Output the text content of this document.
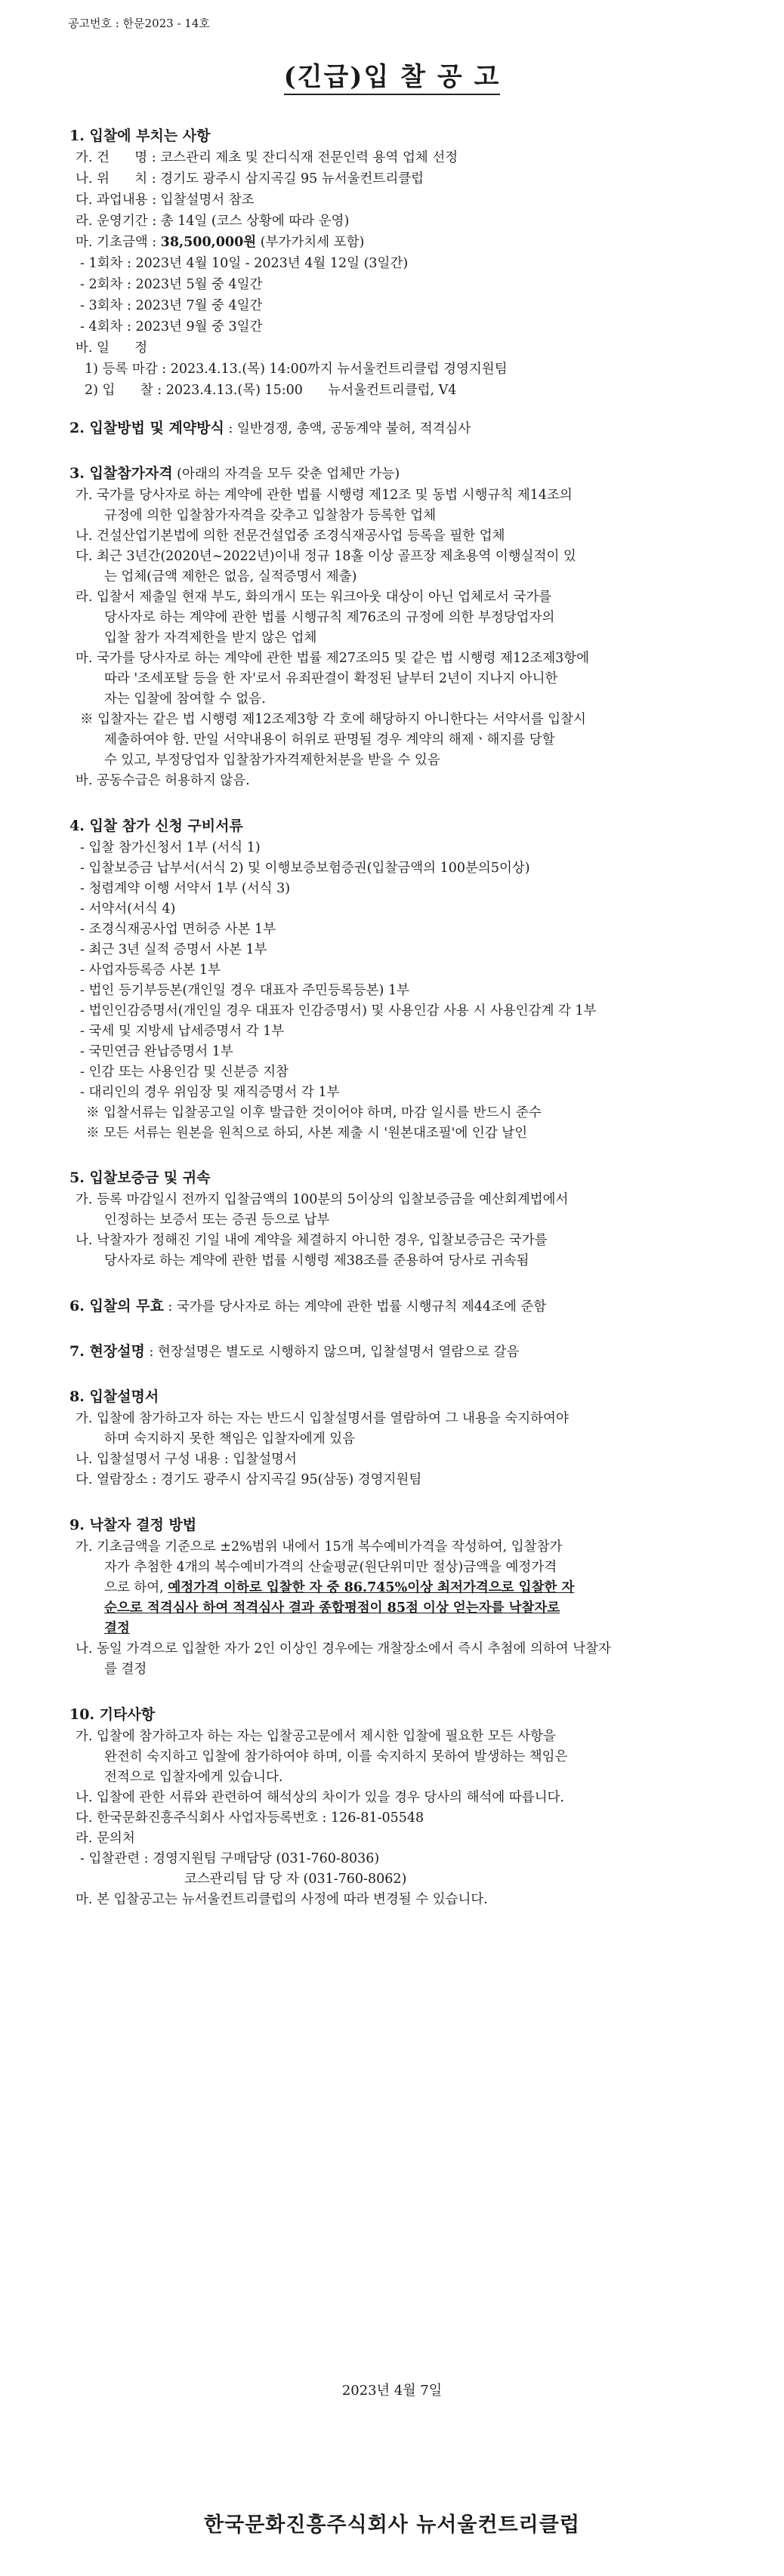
공고번호 : 한문2023 - 14호
(긴급)입 찰 공 고
1. 입찰에 부치는 사항
가. 건      명 : 코스관리 제초 및 잔디식재 전문인력 용역 업체 선정
나. 위      치 : 경기도 광주시 삼지곡길 95 뉴서울컨트리클럽
다. 과업내용 : 입찰설명서 참조
라. 운영기간 : 총 14일 (코스 상황에 따라 운영)
마. 기초금액 : 38,500,000원 (부가가치세 포함)
- 1회차 : 2023년 4월 10일 - 2023년 4월 12일 (3일간)
- 2회차 : 2023년 5월 중 4일간
- 3회차 : 2023년 7월 중 4일간
- 4회차 : 2023년 9월 중 3일간
바. 일      정
1) 등록 마감 : 2023.4.13.(목) 14:00까지 뉴서울컨트리클럽 경영지원팀
2) 입      찰 : 2023.4.13.(목) 15:00      뉴서울컨트리클럽, V4
2. 입찰방법 및 계약방식 : 일반경쟁, 총액, 공동계약 불허, 적격심사
3. 입찰참가자격 (아래의 자격을 모두 갖춘 업체만 가능)
가. 국가를 당사자로 하는 계약에 관한 법률 시행령 제12조 및 동법 시행규칙 제14조의
규정에 의한 입찰참가자격을 갖추고 입찰참가 등록한 업체
나. 건설산업기본법에 의한 전문건설업중 조경식재공사업 등록을 필한 업체
다. 최근 3년간(2020년~2022년)이내 정규 18홀 이상 골프장 제초용역 이행실적이 있
는 업체(금액 제한은 없음, 실적증명서 제출)
라. 입찰서 제출일 현재 부도, 화의개시 또는 워크아웃 대상이 아닌 업체로서 국가를
당사자로 하는 계약에 관한 법률 시행규칙 제76조의 규정에 의한 부정당업자의
입찰 참가 자격제한을 받지 않은 업체
마. 국가를 당사자로 하는 계약에 관한 법률 제27조의5 및 같은 법 시행령 제12조제3항에
따라 '조세포탈 등을 한 자'로서 유죄판결이 확정된 날부터 2년이 지나지 아니한
자는 입찰에 참여할 수 없음.
※ 입찰자는 같은 법 시행령 제12조제3항 각 호에 해당하지 아니한다는 서약서를 입찰시
제출하여야 함. 만일 서약내용이 허위로 판명될 경우 계약의 해제ㆍ해지를 당할
수 있고, 부정당업자 입찰참가자격제한처분을 받을 수 있음
바. 공동수급은 허용하지 않음.
4. 입찰 참가 신청 구비서류
- 입찰 참가신청서 1부 (서식 1)
- 입찰보증금 납부서(서식 2) 및 이행보증보험증권(입찰금액의 100분의5이상)
- 청렴계약 이행 서약서 1부 (서식 3)
- 서약서(서식 4)
- 조경식재공사업 면허증 사본 1부
- 최근 3년 실적 증명서 사본 1부
- 사업자등록증 사본 1부
- 법인 등기부등본(개인일 경우 대표자 주민등록등본) 1부
- 법인인감증명서(개인일 경우 대표자 인감증명서) 및 사용인감 사용 시 사용인감계 각 1부
- 국세 및 지방세 납세증명서 각 1부
- 국민연금 완납증명서 1부
- 인감 또는 사용인감 및 신분증 지참
- 대리인의 경우 위임장 및 재직증명서 각 1부
※ 입찰서류는 입찰공고일 이후 발급한 것이어야 하며, 마감 일시를 반드시 준수
※ 모든 서류는 원본을 원칙으로 하되, 사본 제출 시 '원본대조필'에 인감 날인
5. 입찰보증금 및 귀속
가. 등록 마감일시 전까지 입찰금액의 100분의 5이상의 입찰보증금을 예산회계법에서
인정하는 보증서 또는 증권 등으로 납부
나. 낙찰자가 정해진 기일 내에 계약을 체결하지 아니한 경우, 입찰보증금은 국가를
당사자로 하는 계약에 관한 법률 시행령 제38조를 준용하여 당사로 귀속됨
6. 입찰의 무효 : 국가를 당사자로 하는 계약에 관한 법률 시행규칙 제44조에 준함
7. 현장설명 : 현장설명은 별도로 시행하지 않으며, 입찰설명서 열람으로 갈음
8. 입찰설명서
가. 입찰에 참가하고자 하는 자는 반드시 입찰설명서를 열람하여 그 내용을 숙지하여야
하며 숙지하지 못한 책임은 입찰자에게 있음
나. 입찰설명서 구성 내용 : 입찰설명서
다. 열람장소 : 경기도 광주시 삼지곡길 95(삼동) 경영지원팀
9. 낙찰자 결정 방법
가. 기초금액을 기준으로 ±2%범위 내에서 15개 복수예비가격을 작성하여, 입찰참가
자가 추첨한 4개의 복수예비가격의 산술평균(원단위미만 절상)금액을 예정가격
으로 하여, 예정가격 이하로 입찰한 자 중 86.745%이상 최저가격으로 입찰한 자
순으로 적격심사 하여 적격심사 결과 종합평점이 85점 이상 얻는자를 낙찰자로
결정
나. 동일 가격으로 입찰한 자가 2인 이상인 경우에는 개찰장소에서 즉시 추첨에 의하여 낙찰자
를 결정
10. 기타사항
가. 입찰에 참가하고자 하는 자는 입찰공고문에서 제시한 입찰에 필요한 모든 사항을
완전히 숙지하고 입찰에 참가하여야 하며, 이를 숙지하지 못하여 발생하는 책임은
전적으로 입찰자에게 있습니다.
나. 입찰에 관한 서류와 관련하여 해석상의 차이가 있을 경우 당사의 해석에 따릅니다.
다. 한국문화진흥주식회사 사업자등록번호 : 126-81-05548
라. 문의처
- 입찰관련 : 경영지원팀 구매담당 (031-760-8036)
코스관리팀 담 당 자 (031-760-8062)
마. 본 입찰공고는 뉴서울컨트리클럽의 사정에 따라 변경될 수 있습니다.
2023년 4월 7일
한국문화진흥주식회사 뉴서울컨트리클럽
